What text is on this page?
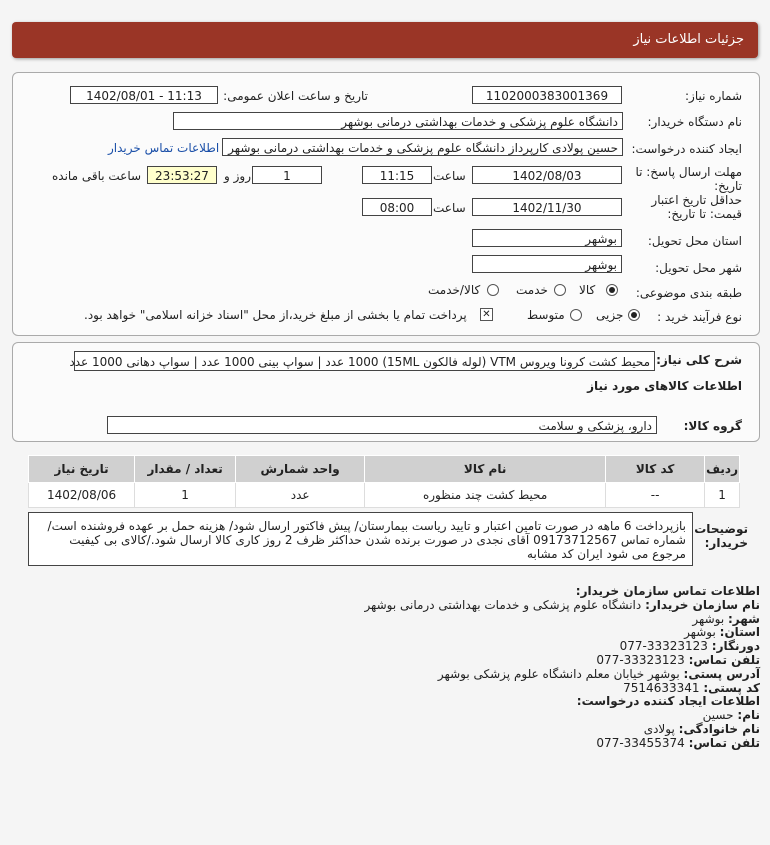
جزئیات اطلاعات نیاز
شماره نیاز:
1102000383001369
تاریخ و ساعت اعلان عمومی:
1402/08/01 - 11:13
نام دستگاه خریدار:
دانشگاه علوم پزشکی و خدمات بهداشتی درمانی بوشهر
ایجاد کننده درخواست:
حسین پولادی کارپرداز دانشگاه علوم پزشکی و خدمات بهداشتی درمانی بوشهر
اطلاعات تماس خریدار
مهلت ارسال پاسخ: تا تاریخ:
1402/08/03
ساعت
11:15
1
روز و
23:53:27
ساعت باقی مانده
حداقل تاریخ اعتبار قیمت: تا تاریخ:
1402/11/30
ساعت
08:00
استان محل تحویل:
بوشهر
شهر محل تحویل:
بوشهر
طبقه بندی موضوعی:
کالا
خدمت
کالا/خدمت
نوع فرآیند خرید :
جزیی
متوسط
✕
پرداخت تمام یا بخشی از مبلغ خرید،از محل "اسناد خزانه اسلامی" خواهد بود.
شرح کلی نیاز:
محیط کشت کرونا ویروس VTM (لوله فالکون 15ML) 1000 عدد | سواپ بینی 1000 عدد | سواپ دهانی 1000 عدد
اطلاعات کالاهای مورد نیاز
گروه کالا:
دارو، پزشکی و سلامت
ردیف	کد کالا	نام کالا	واحد شمارش	تعداد / مقدار	تاریخ نیاز
1	--	محیط کشت چند منظوره	عدد	1	1402/08/06
توضیحات خریدار:
بازپرداخت 6 ماهه در صورت تامین اعتبار و تایید ریاست بیمارستان/ پیش فاکتور ارسال شود/ هزینه حمل بر عهده فروشنده است/ شماره تماس 09173712567 آقای نجدی در صورت برنده شدن حداکثر ظرف 2 روز کاری کالا ارسال شود./کالای بی کیفیت مرجوع می شود ایران کد مشابه
اطلاعات تماس سازمان خریدار:
نام سازمان خریدار: دانشگاه علوم پزشکی و خدمات بهداشتی درمانی بوشهر
شهر: بوشهر
استان: بوشهر
دورنگار: 077-33323123
تلفن تماس: 077-33323123
آدرس پستی: بوشهر خیابان معلم دانشگاه علوم پزشکی بوشهر
کد پستی: 7514633341
اطلاعات ایجاد کننده درخواست:
نام: حسین
نام خانوادگی: پولادی
تلفن تماس: 077-33455374
